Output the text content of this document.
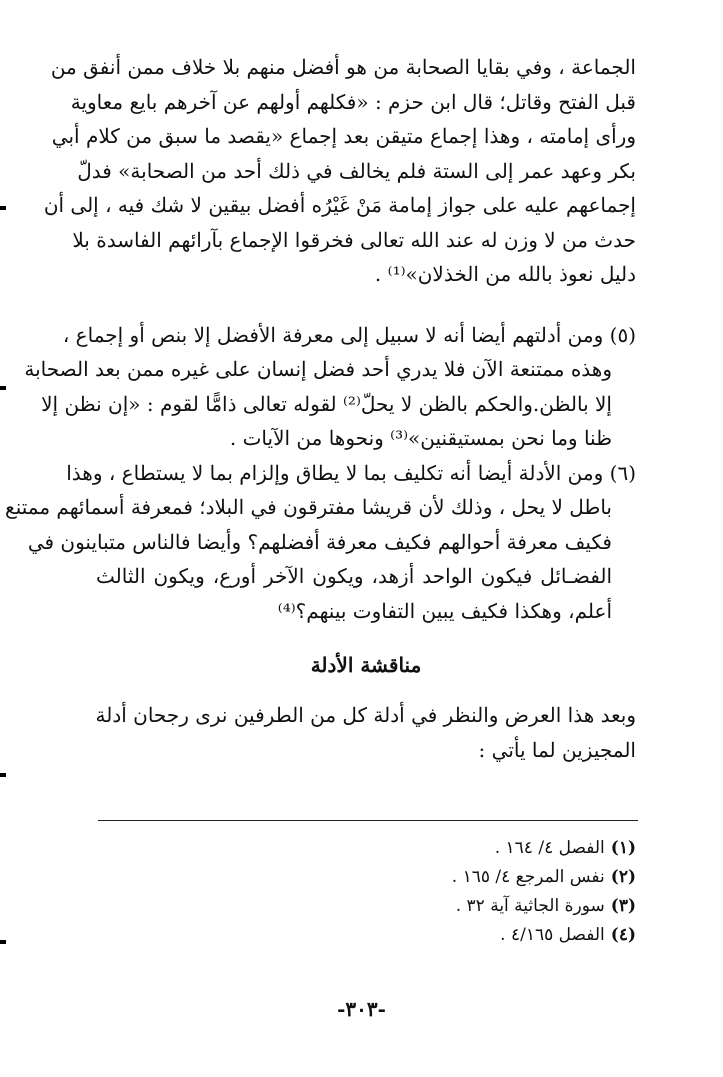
الجماعة ، وفي بقايا الصحابة من هو أفضل منهم بلا خلاف ممن أنفق من
قبل الفتح وقاتل؛ قال ابن حزم : «فكلهم أولهم عن آخرهم بايع معاوية
ورأى إمامته ، وهذا إجماع متيقن بعد إجماع «يقصد ما سبق من كلام أبي
بكر وعهد عمر إلى الستة فلم يخالف في ذلك أحد من الصحابة» فدلّ
إجماعهم عليه على جواز إمامة مَنْ غَيْرُه أفضل بيقين لا شك فيه ، إلى أن
حدث من لا وزن له عند الله تعالى فخرقوا الإجماع بآرائهم الفاسدة بلا
دليل نعوذ بالله من الخذلان»⁽¹⁾ .
(٥) ومن أدلتهم أيضا أنه لا سبيل إلى معرفة الأفضل إلا بنص أو إجماع ،
وهذه ممتنعة الآن فلا يدري أحد فضل إنسان على غيره ممن بعد الصحابة
إلا بالظن.والحكم بالظن لا يحلّ⁽²⁾ لقوله تعالى ذامًّا لقوم : «إن نظن إلا
ظنا وما نحن بمستيقنين»⁽³⁾ ونحوها من الآيات .
(٦) ومن الأدلة أيضا أنه تكليف بما لا يطاق وإلزام بما لا يستطاع ، وهذا
باطل لا يحل ، وذلك لأن قريشا مفترقون في البلاد؛ فمعرفة أسمائهم ممتنع
فكيف معرفة أحوالهم فكيف معرفة أفضلهم؟ وأيضا فالناس متباينون في
الفضـائل فيكون الواحد أزهد، ويكون الآخر أورع، ويكون الثالث
أعلم، وهكذا فكيف يبين التفاوت بينهم؟⁽⁴⁾
مناقشة الأدلة
وبعد هذا العرض والنظر في أدلة كل من الطرفين نرى رجحان أدلة
المجيزين لما يأتي :
(١)الفصل ٤/ ١٦٤ .
(٢)نفس المرجع ٤/ ١٦٥ .
(٣)سورة الجاثية آية ٣٢ .
(٤)الفصل ٤/١٦٥ .
-٣٠٣-
